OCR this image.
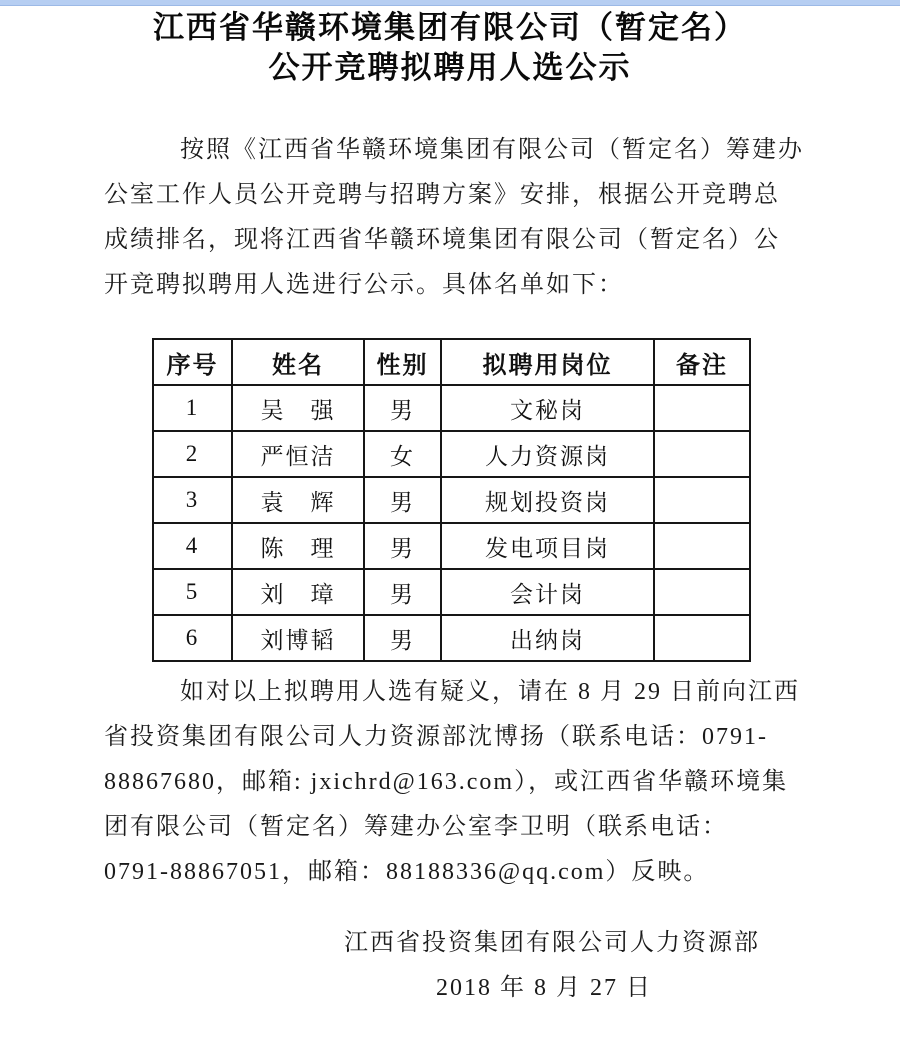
江西省华赣环境集团有限公司（暂定名）
公开竞聘拟聘用人选公示
按照《江西省华赣环境集团有限公司（暂定名）筹建办
公室工作人员公开竞聘与招聘方案》安排，根据公开竞聘总
成绩排名，现将江西省华赣环境集团有限公司（暂定名）公
开竞聘拟聘用人选进行公示。具体名单如下：
序号	姓名	性别	拟聘用岗位	备注
1	吴　强	男	文秘岗	
2	严恒洁	女	人力资源岗	
3	袁　辉	男	规划投资岗	
4	陈　理	男	发电项目岗	
5	刘　璋	男	会计岗	
6	刘博韬	男	出纳岗	
如对以上拟聘用人选有疑义，请在 8 月 29 日前向江西
省投资集团有限公司人力资源部沈博扬（联系电话：0791-
88867680，邮箱: jxichrd@163.com），或江西省华赣环境集
团有限公司（暂定名）筹建办公室李卫明（联系电话：
0791-88867051，邮箱：88188336@qq.com）反映。
江西省投资集团有限公司人力资源部
2018 年 8 月 27 日
